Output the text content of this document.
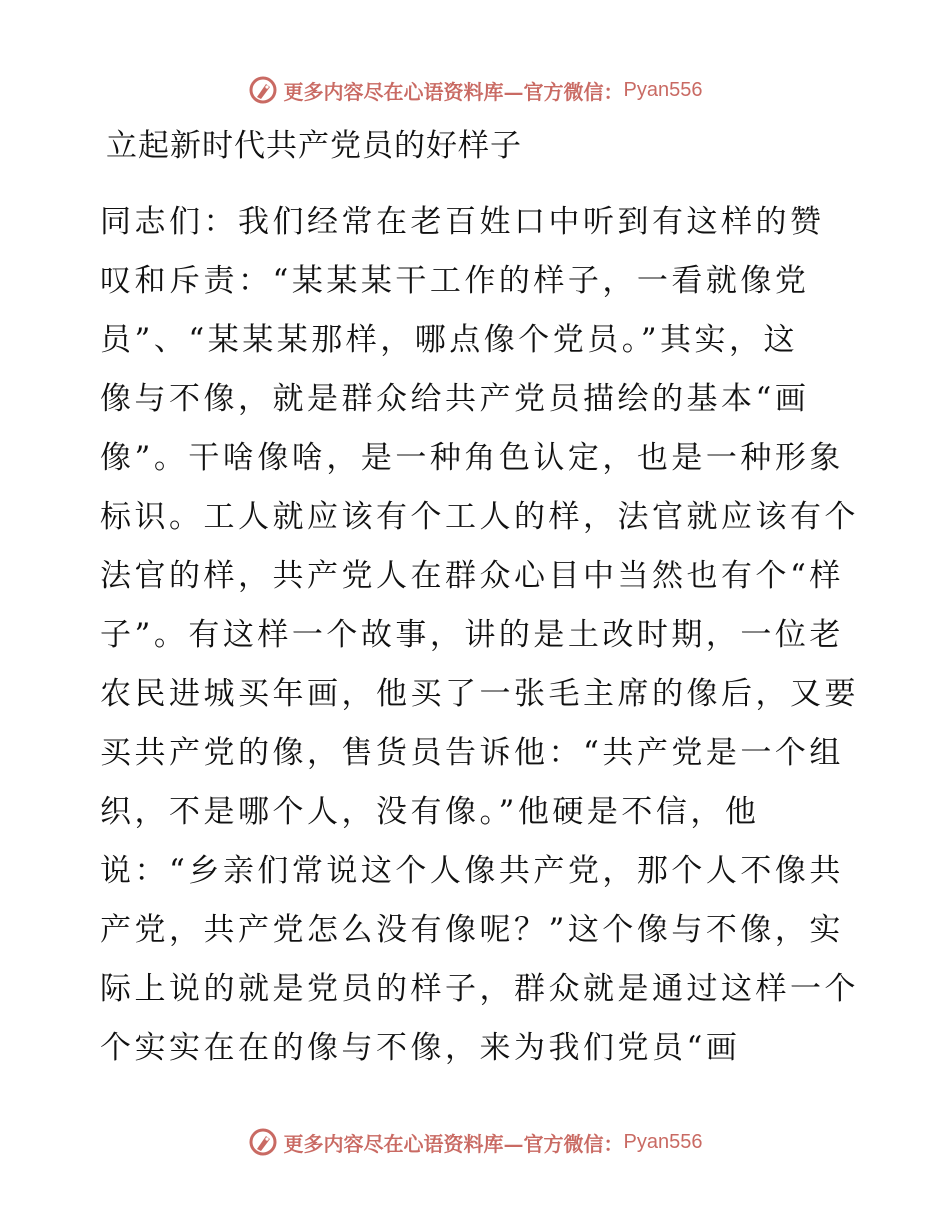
更多内容尽在心语资料库—官方微信： Pyan556
立起新时代共产党员的好样子
同志们：我们经常在老百姓口中听到有这样的赞
叹和斥责：“某某某干工作的样子，一看就像党
员”、“某某某那样，哪点像个党员。”其实，这
像与不像，就是群众给共产党员描绘的基本“画
像”。干啥像啥，是一种角色认定，也是一种形象
标识。工人就应该有个工人的样，法官就应该有个
法官的样，共产党人在群众心目中当然也有个“样
子”。有这样一个故事，讲的是土改时期，一位老
农民进城买年画，他买了一张毛主席的像后，又要
买共产党的像，售货员告诉他：“共产党是一个组
织，不是哪个人，没有像。”他硬是不信，他
说：“乡亲们常说这个人像共产党，那个人不像共
产党，共产党怎么没有像呢？”这个像与不像，实
际上说的就是党员的样子，群众就是通过这样一个
个实实在在的像与不像，来为我们党员“画
更多内容尽在心语资料库—官方微信： Pyan556
